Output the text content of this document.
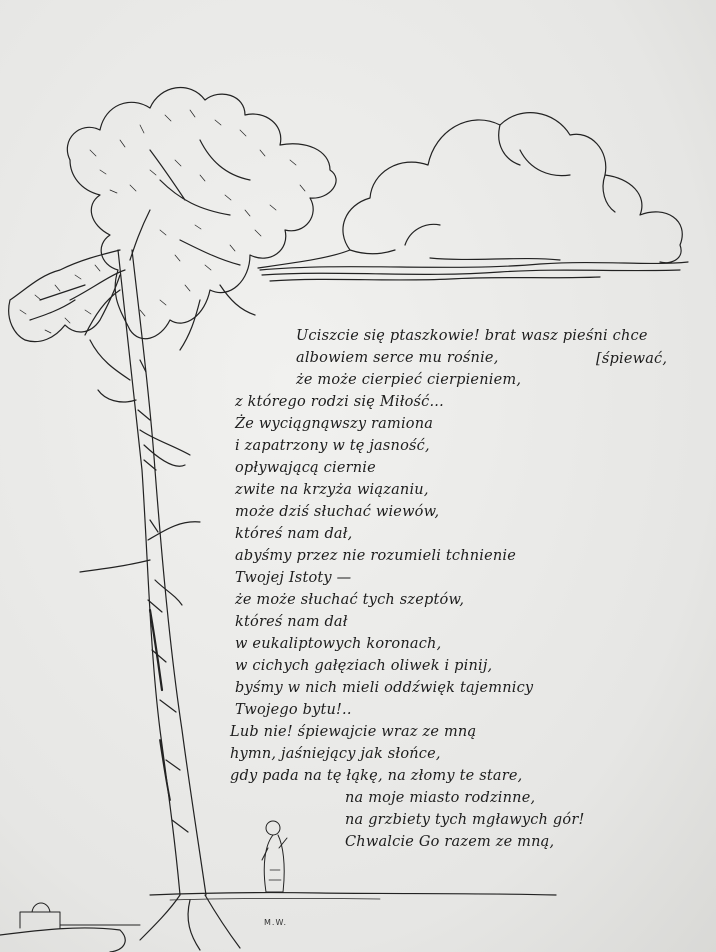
M.W.
Uciszcie się ptaszkowie! brat wasz pieśni chce
albowiem serce mu rośnie,	[śpiewać,
że może cierpieć cierpieniem,
z którego rodzi się Miłość...
Że wyciągnąwszy ramiona
i zapatrzony w tę jasność,
opływającą ciernie
zwite na krzyża wiązaniu,
może dziś słuchać wiewów,
któreś nam dał,
abyśmy przez nie rozumieli tchnienie
Twojej Istoty —
że może słuchać tych szeptów,
któreś nam dał
w eukaliptowych koronach,
w cichych gałęziach oliwek i pinij,
byśmy w nich mieli oddźwięk tajemnicy
Twojego bytu!..
Lub nie! śpiewajcie wraz ze mną
hymn, jaśniejący jak słońce,
gdy pada na tę łąkę, na złomy te stare,
na moje miasto rodzinne,
na grzbiety tych mgławych gór!
Chwalcie Go razem ze mną,
